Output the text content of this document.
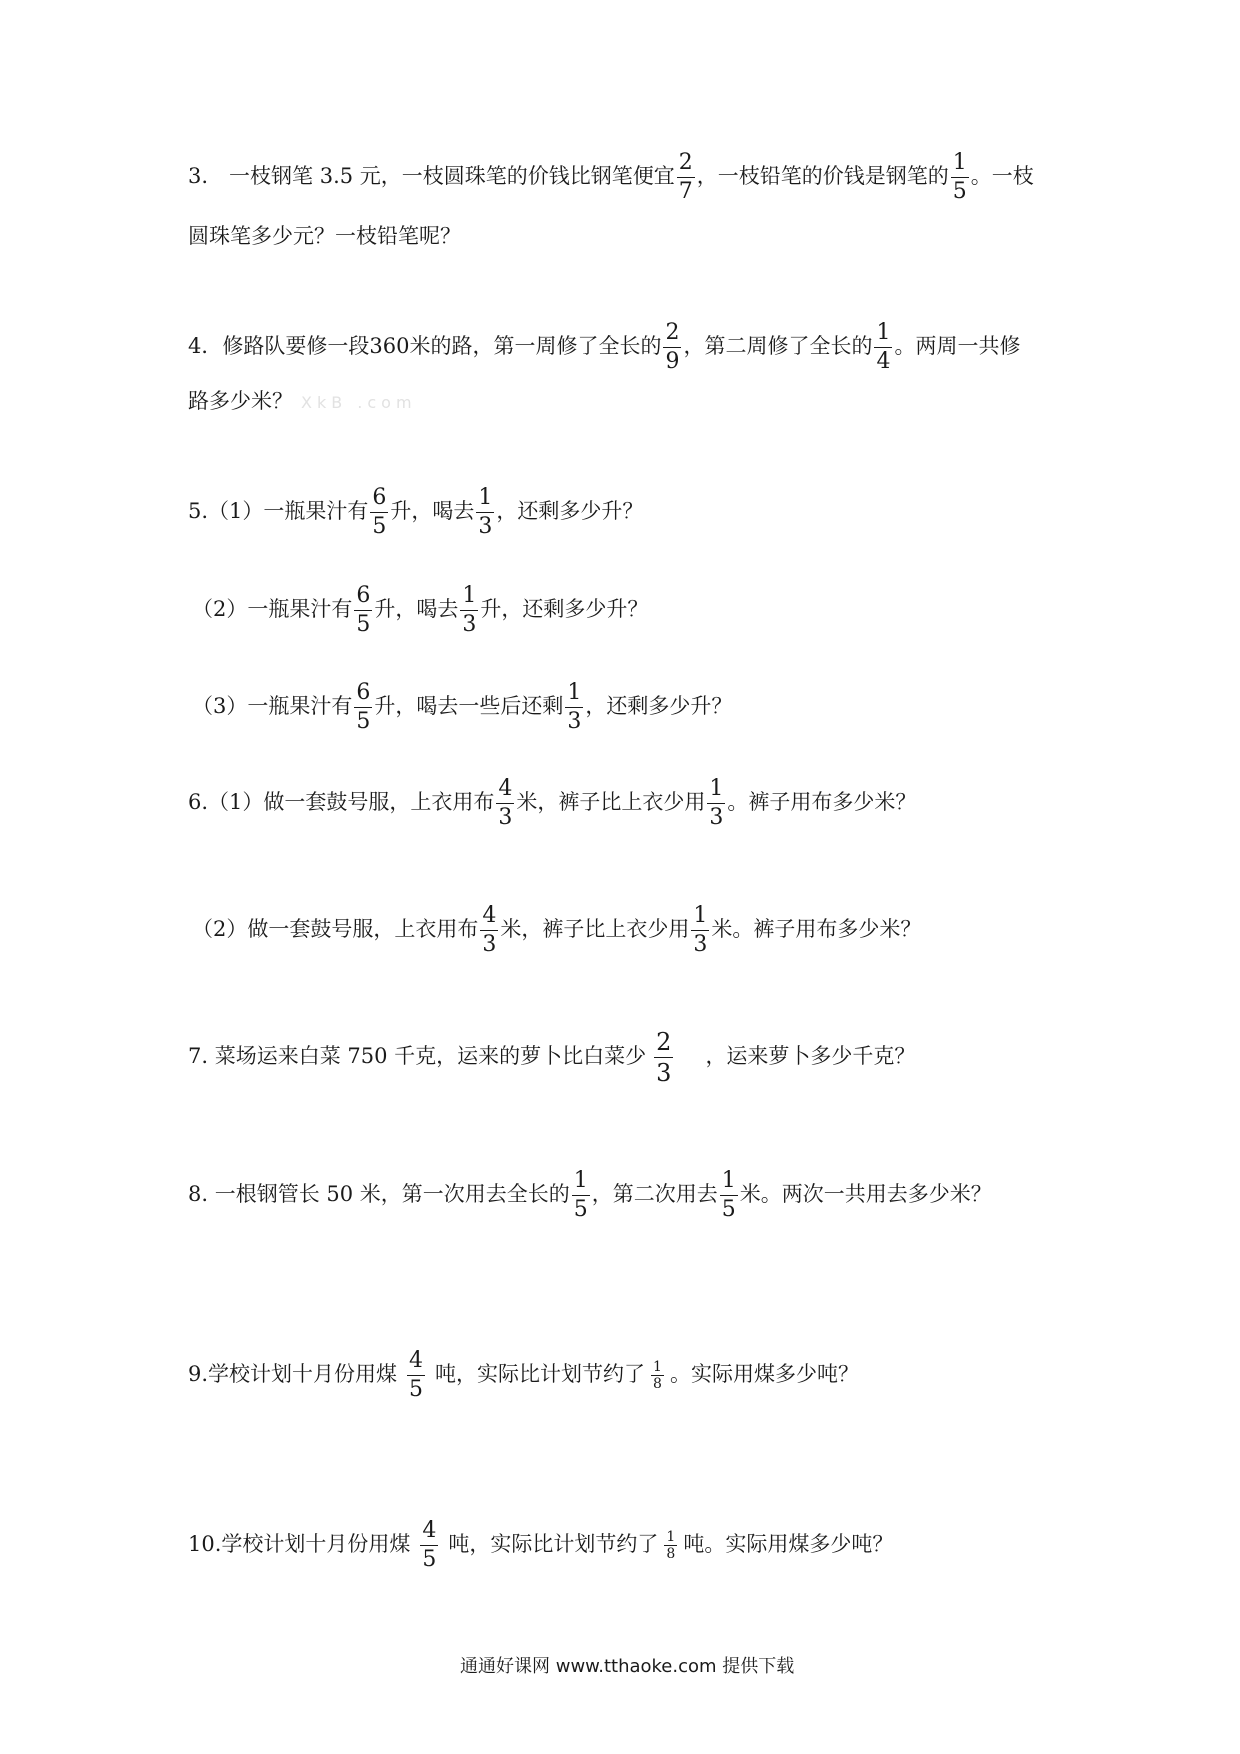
3.　一枝钢笔 3.5 元，一枝圆珠笔的价钱比钢笔便宜 $\frac{2}{7}$ ，一枝铅笔的价钱是钢笔的 $\frac{1}{5}$ 。一枝
圆珠笔多少元？一枝铅笔呢？
4．修路队要修一段360米的路，第一周修了全长的 $\frac{2}{9}$ ，第二周修了全长的 $\frac{1}{4}$ 。两周一共修
路多少米？ XkB .com
5.（1）一瓶果汁有 $\frac{6}{5}$ 升，喝去 $\frac{1}{3}$ ，还剩多少升？
（2）一瓶果汁有 $\frac{6}{5}$ 升，喝去 $\frac{1}{3}$ 升，还剩多少升？
（3）一瓶果汁有 $\frac{6}{5}$ 升，喝去一些后还剩 $\frac{1}{3}$ ，还剩多少升？
6.（1）做一套鼓号服，上衣用布 $\frac{4}{3}$ 米，裤子比上衣少用 $\frac{1}{3}$ 。裤子用布多少米？
（2）做一套鼓号服，上衣用布 $\frac{4}{3}$ 米，裤子比上衣少用 $\frac{1}{3}$ 米。裤子用布多少米？
7. 菜场运来白菜 750 千克，运来的萝卜比白菜少 $\frac{2}{3}$ ，运来萝卜多少千克？
8. 一根钢管长 50 米，第一次用去全长的 $\frac{1}{5}$ ，第二次用去 $\frac{1}{5}$ 米。两次一共用去多少米？
9.学校计划十月份用煤 $\frac{4}{5}$ 吨，实际比计划节约了 $\frac{1}{8}$ 。实际用煤多少吨？
10.学校计划十月份用煤 $\frac{4}{5}$ 吨，实际比计划节约了 $\frac{1}{8}$ 吨。实际用煤多少吨？
通通好课网 www.tthaoke.com 提供下载
